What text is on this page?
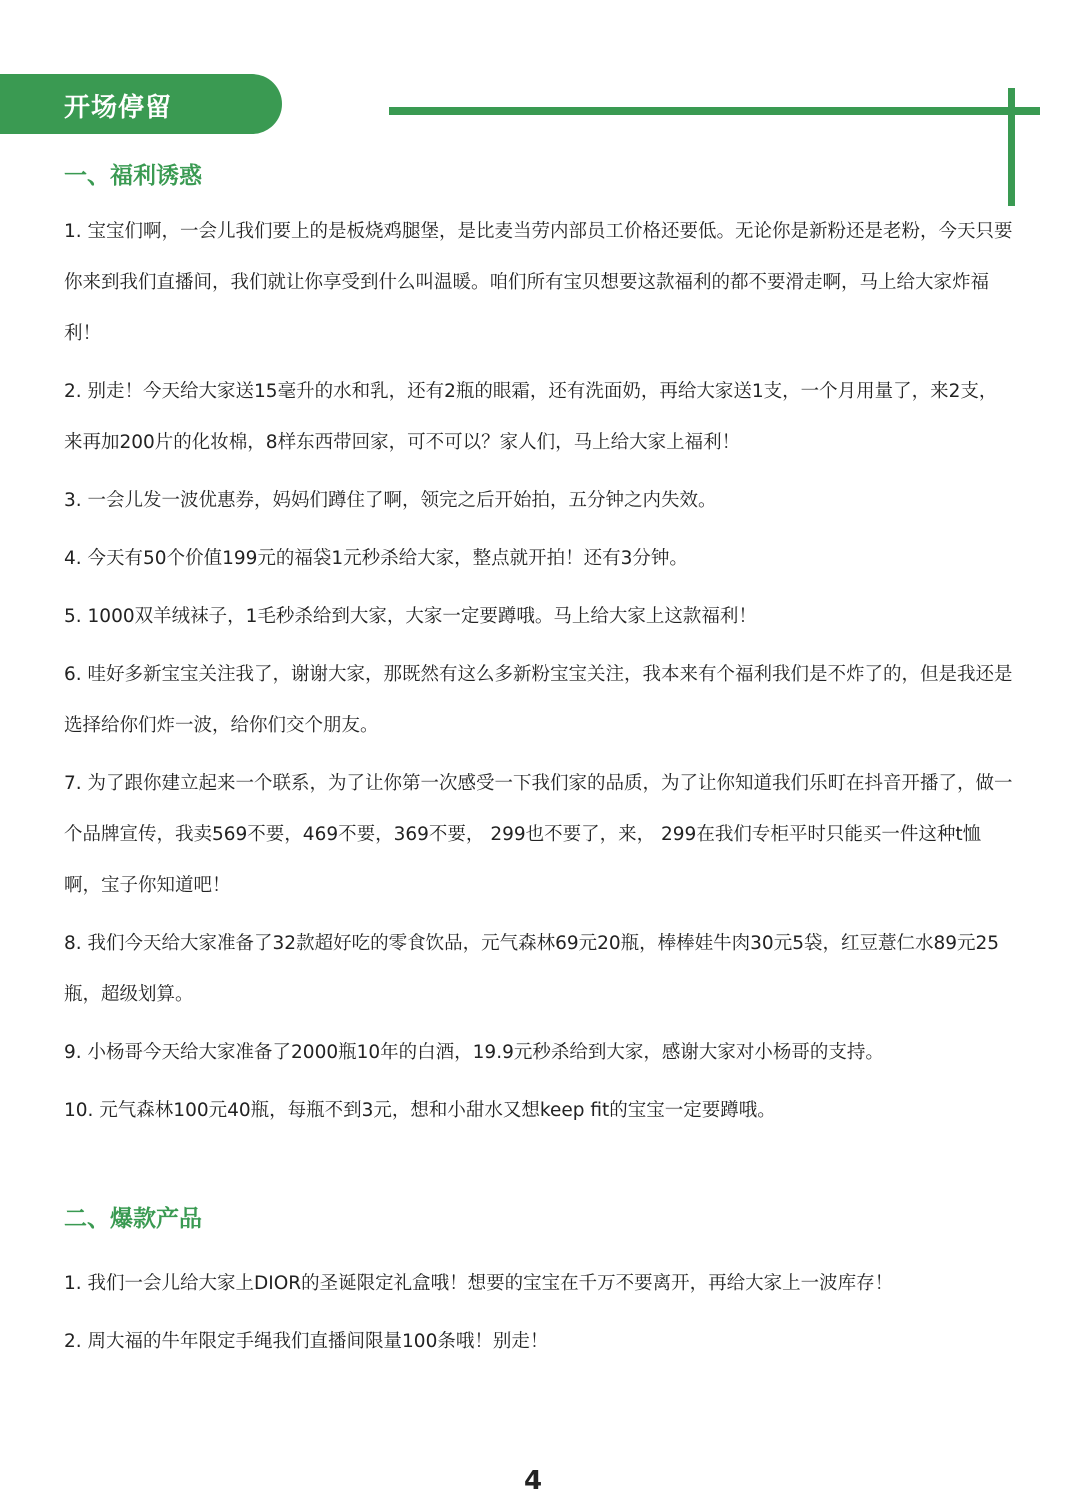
开场停留
一、福利诱惑

1. 宝宝们啊，一会儿我们要上的是板烧鸡腿堡，是比麦当劳内部员工价格还要低。无论你是新粉还是老粉，今天只要你来到我们直播间，我们就让你享受到什么叫温暖。咱们所有宝贝想要这款福利的都不要滑走啊，马上给大家炸福利！

2. 别走！今天给大家送15毫升的水和乳，还有2瓶的眼霜，还有洗面奶，再给大家送1支，一个月用量了，来2支，来再加200片的化妆棉，8样东西带回家，可不可以？家人们，马上给大家上福利！

3. 一会儿发一波优惠券，妈妈们蹲住了啊，领完之后开始拍，五分钟之内失效。

4. 今天有50个价值199元的福袋1元秒杀给大家，整点就开拍！还有3分钟。

5. 1000双羊绒袜子，1毛秒杀给到大家，大家一定要蹲哦。马上给大家上这款福利！

6. 哇好多新宝宝关注我了，谢谢大家，那既然有这么多新粉宝宝关注，我本来有个福利我们是不炸了的，但是我还是选择给你们炸一波，给你们交个朋友。

7. 为了跟你建立起来一个联系，为了让你第一次感受一下我们家的品质，为了让你知道我们乐町在抖音开播了，做一个品牌宣传，我卖569不要，469不要，369不要， 299也不要了，来， 299在我们专柜平时只能买一件这种t恤啊，宝子你知道吧！

8. 我们今天给大家准备了32款超好吃的零食饮品，元气森林69元20瓶，棒棒娃牛肉30元5袋，红豆薏仁水89元25瓶，超级划算。

9. 小杨哥今天给大家准备了2000瓶10年的白酒，19.9元秒杀给到大家，感谢大家对小杨哥的支持。

10. 元气森林100元40瓶，每瓶不到3元，想和小甜水又想keep fit的宝宝一定要蹲哦。

二、爆款产品

1. 我们一会儿给大家上DIOR的圣诞限定礼盒哦！想要的宝宝在千万不要离开，再给大家上一波库存！

2. 周大福的牛年限定手绳我们直播间限量100条哦！别走！

4
